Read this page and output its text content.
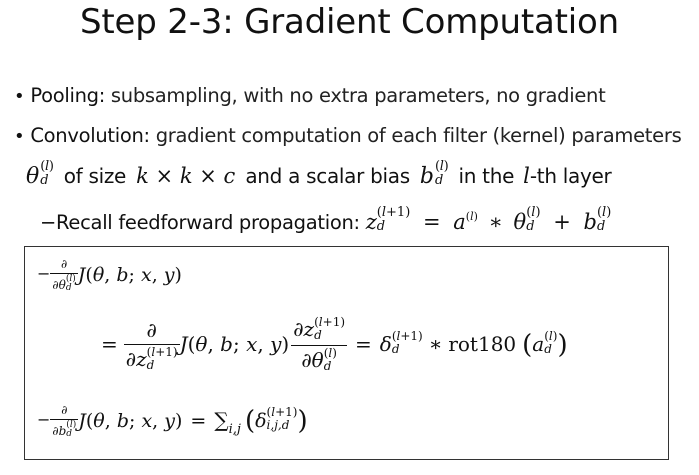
Step 2-3: Gradient Computation
• Pooling: subsampling, with no extra parameters, no gradient
• Convolution: gradient computation of each filter (kernel) parameters
θ (l)
d of size k × k × c and a scalar bias b (l)
d in the l-th layer
−Recall feedforward propagation: z (l+1)
d	= $a^{(l)}$ ∗ θ (l)
d + b (l)
d
− ∂
∂θ (l)
d J(θ, b; x, y)
= ∂
∂z (l+1)
d J(θ, b; x, y) ∂z (l+1)
d
∂θ (l)
d = δ (l+1)
d	∗ rot180 (a (l)
d )
− ∂
∂b (l)
d J(θ, b; x, $y) = \sum_{i,j}$ (δ (l+1)
i,j,d )
